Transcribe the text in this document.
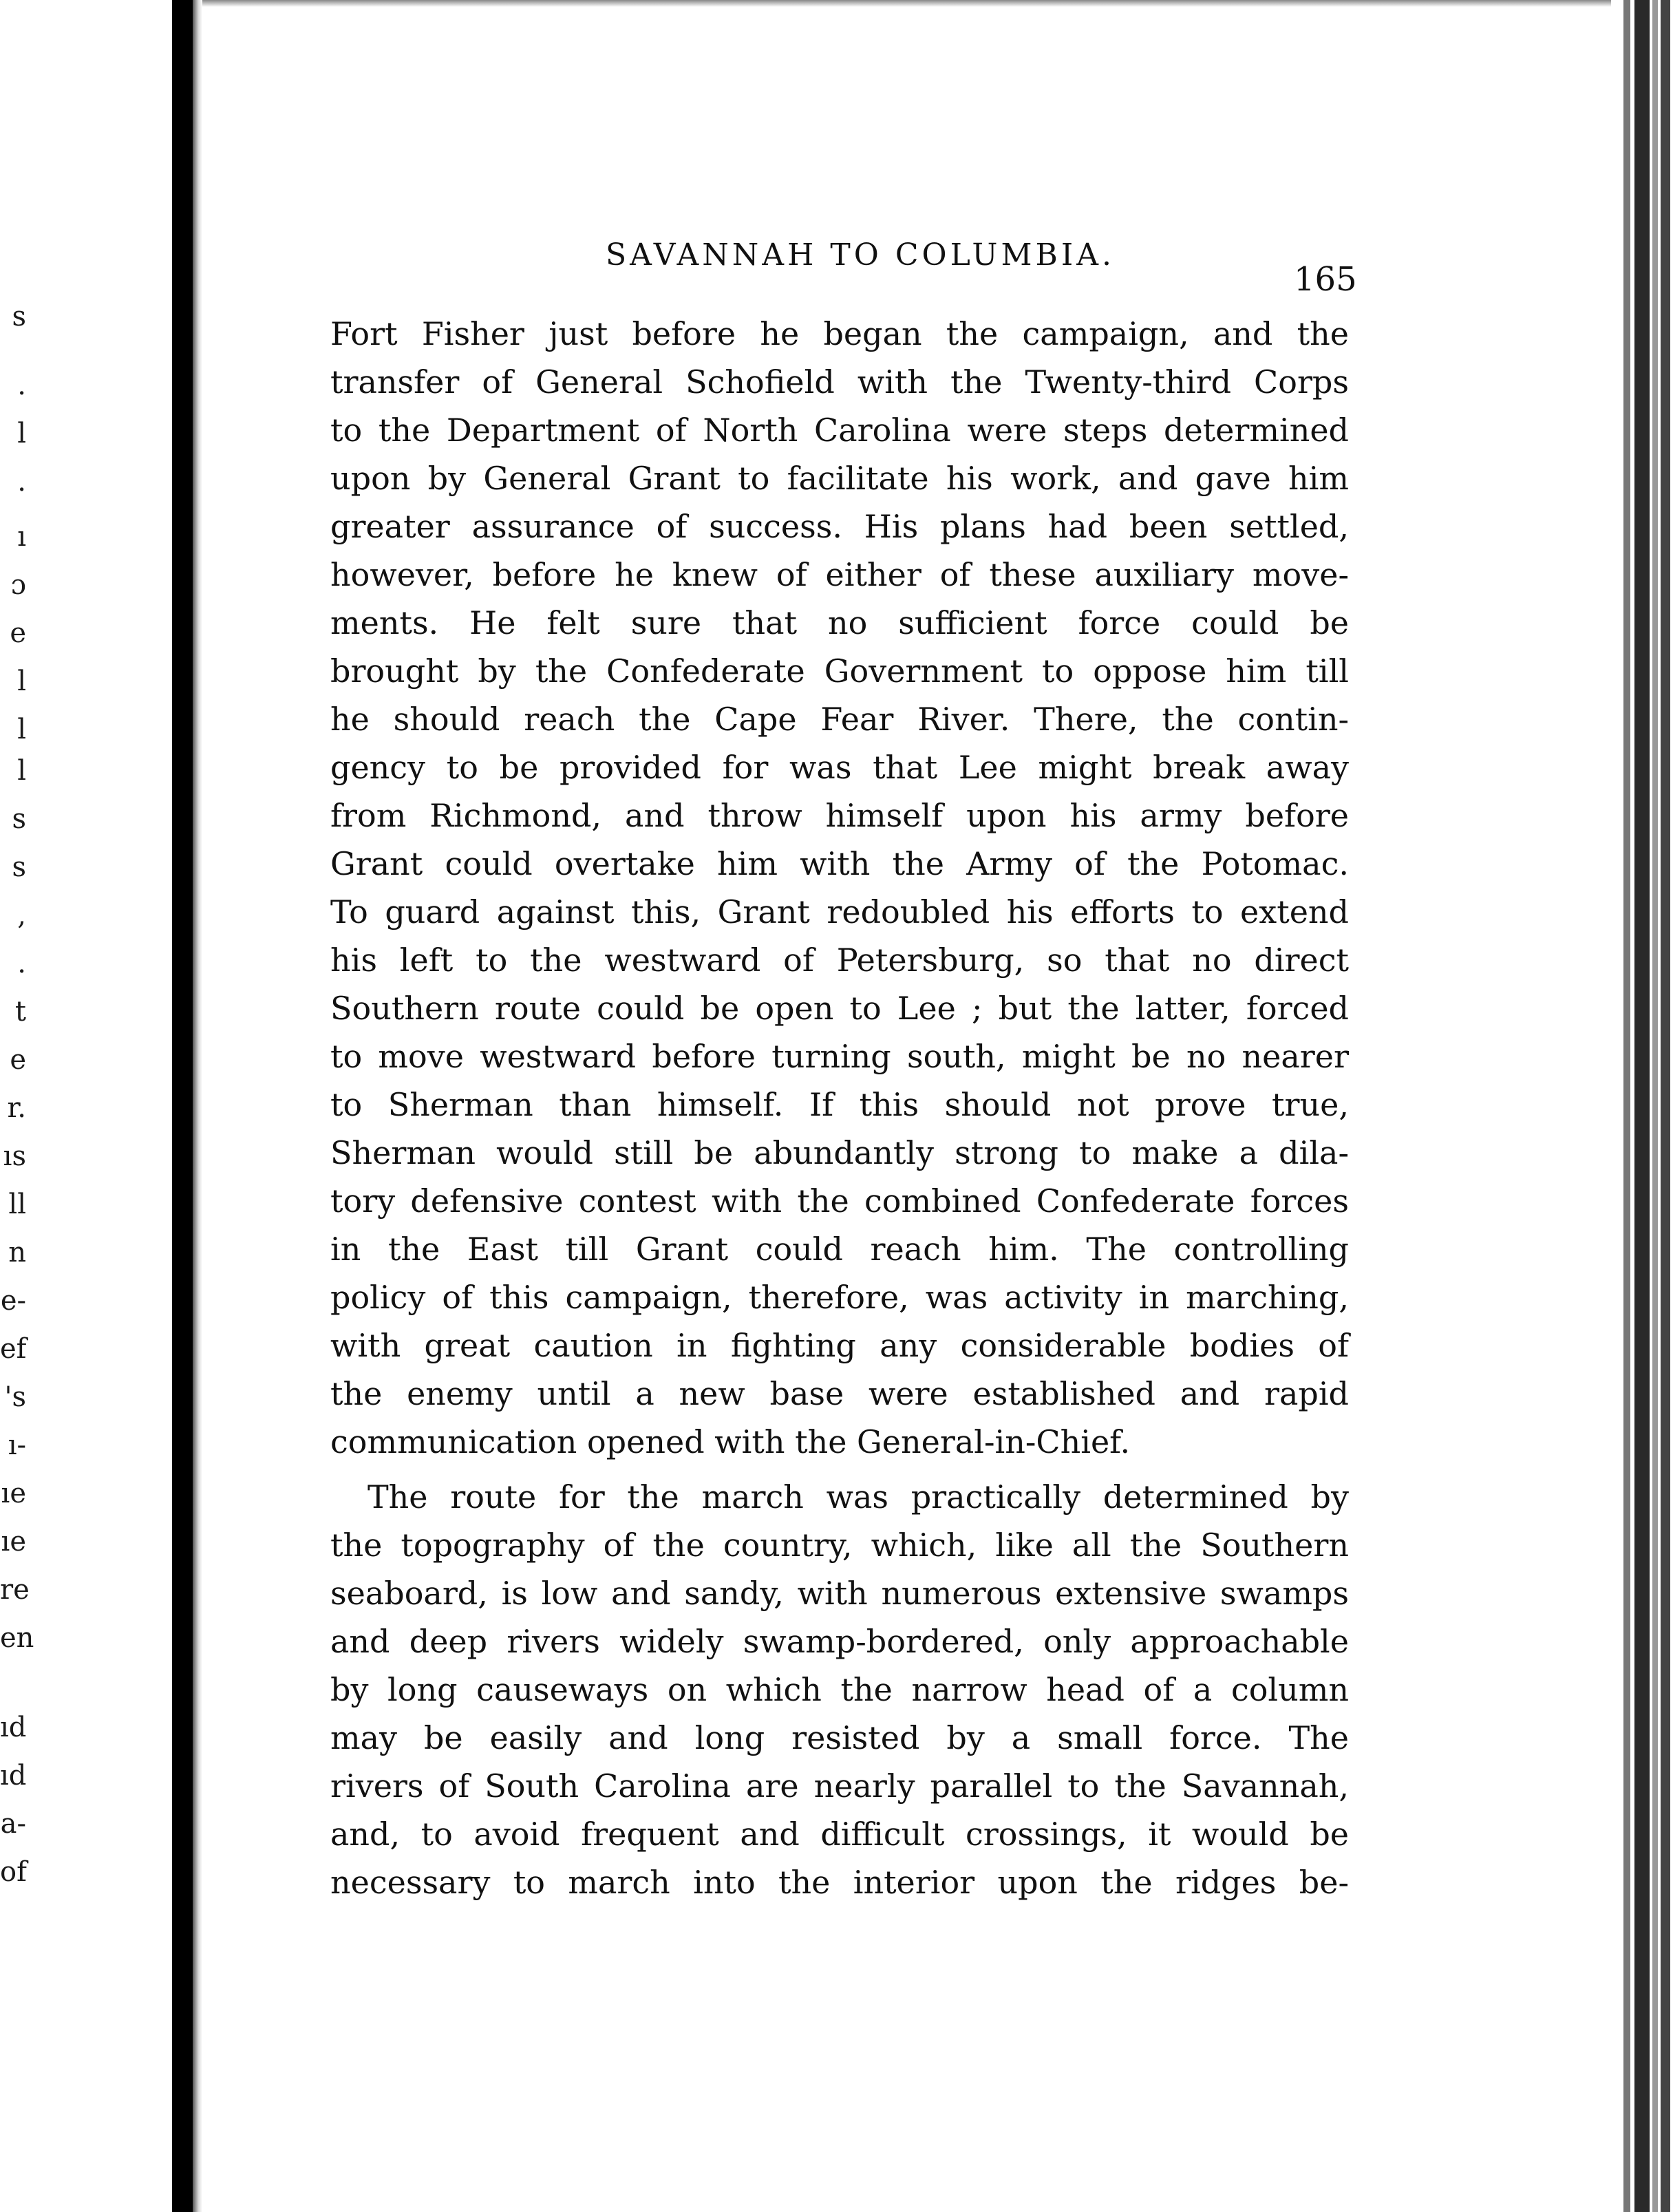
s
.
l
.
ı
ɔ
e
l
l
l
s
s
,
.
t
e
r.
ıs
ll
n
e-
ef
's
ı-
ıe
ıe
re
en
ıd
ıd
a-
of
SAVANNAH TO COLUMBIA.
165
Fort Fisher just before he began the campaign, and the
transfer of General Schofield with the Twenty-third Corps
to the Department of North Carolina were steps determined
upon by General Grant to facilitate his work, and gave him
greater assurance of success. His plans had been settled,
however, before he knew of either of these auxiliary move-
ments. He felt sure that no sufficient force could be
brought by the Confederate Government to oppose him till
he should reach the Cape Fear River. There, the contin-
gency to be provided for was that Lee might break away
from Richmond, and throw himself upon his army before
Grant could overtake him with the Army of the Potomac.
To guard against this, Grant redoubled his efforts to extend
his left to the westward of Petersburg, so that no direct
Southern route could be open to Lee ; but the latter, forced
to move westward before turning south, might be no nearer
to Sherman than himself. If this should not prove true,
Sherman would still be abundantly strong to make a dila-
tory defensive contest with the combined Confederate forces
in the East till Grant could reach him. The controlling
policy of this campaign, therefore, was activity in marching,
with great caution in fighting any considerable bodies of
the enemy until a new base were established and rapid
communication opened with the General-in-Chief.
The route for the march was practically determined by
the topography of the country, which, like all the Southern
seaboard, is low and sandy, with numerous extensive swamps
and deep rivers widely swamp-bordered, only approachable
by long causeways on which the narrow head of a column
may be easily and long resisted by a small force. The
rivers of South Carolina are nearly parallel to the Savannah,
and, to avoid frequent and difficult crossings, it would be
necessary to march into the interior upon the ridges be-
